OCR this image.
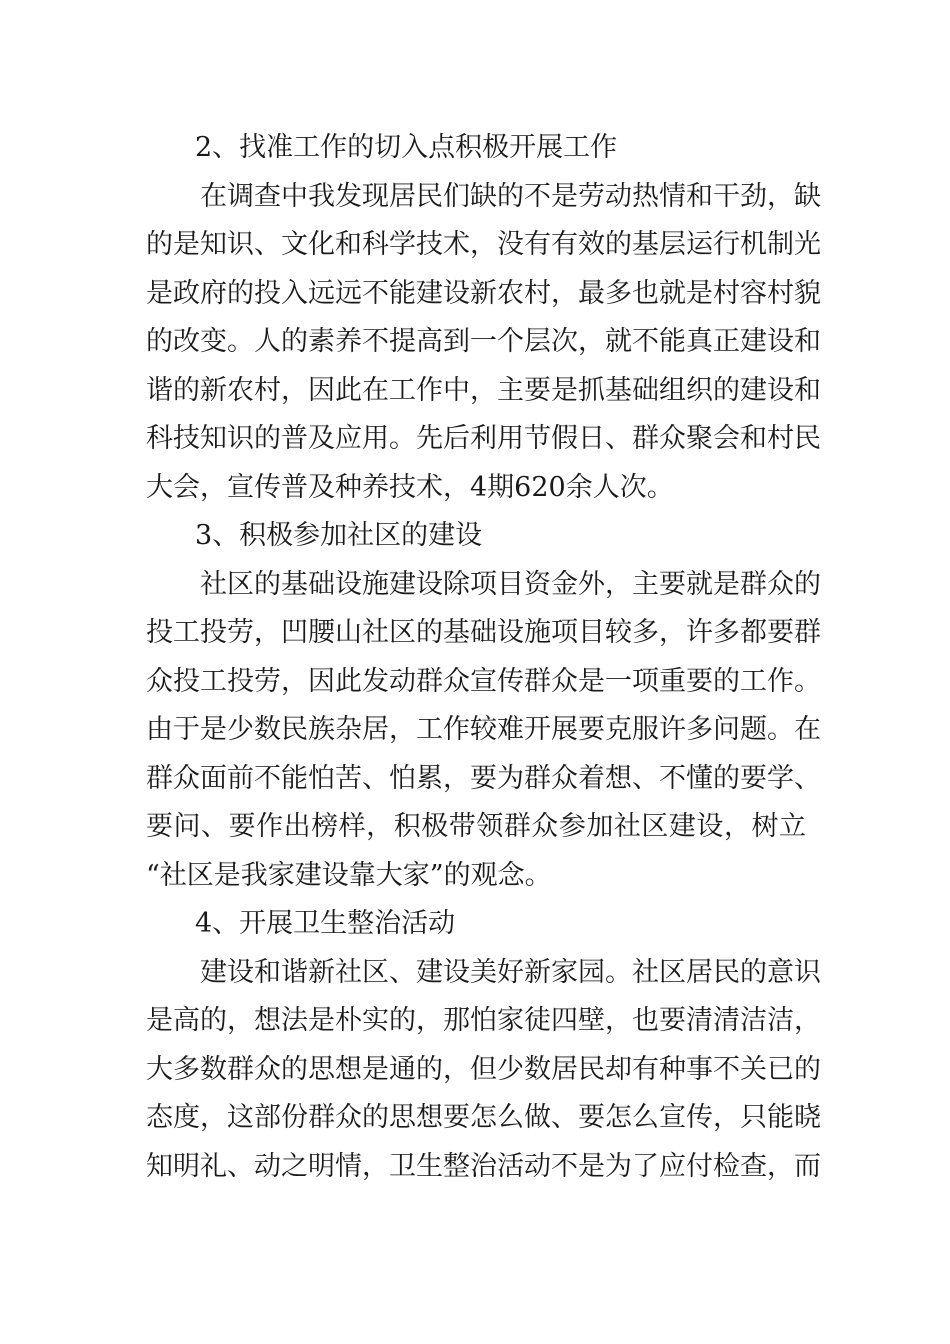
2、找准工作的切入点积极开展工作
在调查中我发现居民们缺的不是劳动热情和干劲，缺
的是知识、文化和科学技术，没有有效的基层运行机制光
是政府的投入远远不能建设新农村，最多也就是村容村貌
的改变。人的素养不提高到一个层次，就不能真正建设和
谐的新农村，因此在工作中，主要是抓基础组织的建设和
科技知识的普及应用。先后利用节假日、群众聚会和村民
大会，宣传普及种养技术，4期620余人次。
3、积极参加社区的建设
社区的基础设施建设除项目资金外，主要就是群众的
投工投劳，凹腰山社区的基础设施项目较多，许多都要群
众投工投劳，因此发动群众宣传群众是一项重要的工作。
由于是少数民族杂居，工作较难开展要克服许多问题。在
群众面前不能怕苦、怕累，要为群众着想、不懂的要学、
要问、要作出榜样，积极带领群众参加社区建设，树立
“社区是我家建设靠大家”的观念。
4、开展卫生整治活动
建设和谐新社区、建设美好新家园。社区居民的意识
是高的，想法是朴实的，那怕家徒四壁，也要清清洁洁，
大多数群众的思想是通的，但少数居民却有种事不关已的
态度，这部份群众的思想要怎么做、要怎么宣传，只能晓
知明礼、动之明情，卫生整治活动不是为了应付检查，而
